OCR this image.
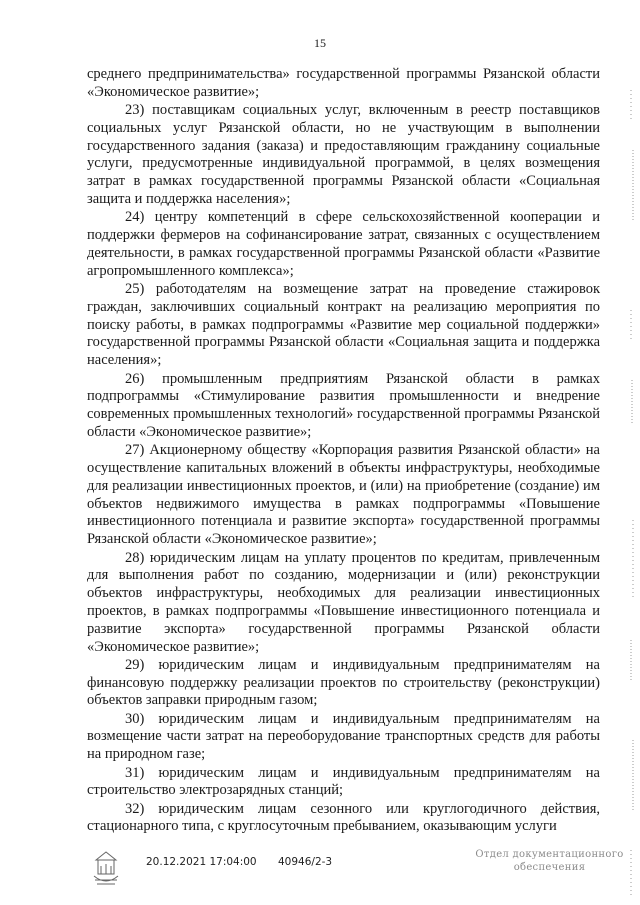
15

среднего предпринимательства» государственной программы Рязанской области «Экономическое развитие»;

23) поставщикам социальных услуг, включенным в реестр поставщиков социальных услуг Рязанской области, но не участвующим в выполнении государственного задания (заказа) и предоставляющим гражданину социальные услуги, предусмотренные индивидуальной программой, в целях возмещения затрат в рамках государственной программы Рязанской области «Социальная защита и поддержка населения»;

24) центру компетенций в сфере сельскохозяйственной кооперации и поддержки фермеров на софинансирование затрат, связанных с осуществлением деятельности, в рамках государственной программы Рязанской области «Развитие агропромышленного комплекса»;

25) работодателям на возмещение затрат на проведение стажировок граждан, заключивших социальный контракт на реализацию мероприятия по поиску работы, в рамках подпрограммы «Развитие мер социальной поддержки» государственной программы Рязанской области «Социальная защита и поддержка населения»;

26) промышленным предприятиям Рязанской области в рамках подпрограммы «Стимулирование развития промышленности и внедрение современных промышленных технологий» государственной программы Рязанской области «Экономическое развитие»;

27) Акционерному обществу «Корпорация развития Рязанской области» на осуществление капитальных вложений в объекты инфраструктуры, необходимые для реализации инвестиционных проектов, и (или) на приобретение (создание) им объектов недвижимого имущества в рамках подпрограммы «Повышение инвестиционного потенциала и развитие экспорта» государственной программы Рязанской области «Экономическое развитие»;

28) юридическим лицам на уплату процентов по кредитам, привлеченным для выполнения работ по созданию, модернизации и (или) реконструкции объектов инфраструктуры, необходимых для реализации инвестиционных проектов, в рамках подпрограммы «Повышение инвестиционного потенциала и развитие экспорта» государственной программы Рязанской области «Экономическое развитие»;

29) юридическим лицам и индивидуальным предпринимателям на финансовую поддержку реализации проектов по строительству (реконструкции) объектов заправки природным газом;

30) юридическим лицам и индивидуальным предпринимателям на возмещение части затрат на переоборудование транспортных средств для работы на природном газе;

31) юридическим лицам и индивидуальным предпринимателям на строительство электрозарядных станций;

32) юридическим лицам сезонного или круглогодичного действия, стационарного типа, с круглосуточным пребыванием, оказывающим услуги

20.12.2021 17:04:00 40946/2-3
Отдел документационного
обеспечения
